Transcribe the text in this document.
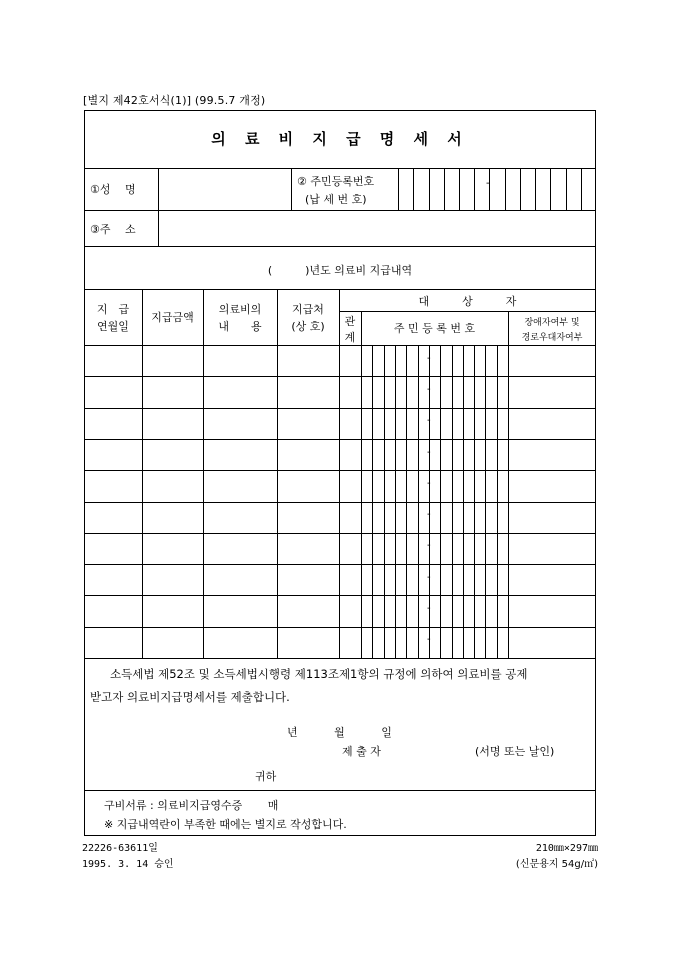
[별지 제42호서식(1)] (99.5.7 개정)
의 료 비 지 급 명 세 서
①성　 명
② 주민등록번호
(납 세 번 호)
-
③주　 소
(　　　)년도 의료비 지급내역
지　급
연월일
지급금액
의료비의
내　　용
지급처
(상 호)
대　　　상　　　자
관
계
주 민 등 록 번 호	장애자여부 및
경로우대자여부
-
-
-
-
-
-
-
-
-
-
소득세법 제52조 및 소득세법시행령 제113조제1항의 규정에 의하여 의료비를 공제
받고자 의료비지급명세서를 제출합니다.
년　　　 월　　　 일
제 출 자	(서명 또는 날인)
귀하
구비서류 : 의료비지급영수증　　 매
※ 지급내역란이 부족한 때에는 별지로 작성합니다.
22226-63611일
1995. 3. 14 승인
210㎜×297㎜
(신문용지 54g/㎡)
